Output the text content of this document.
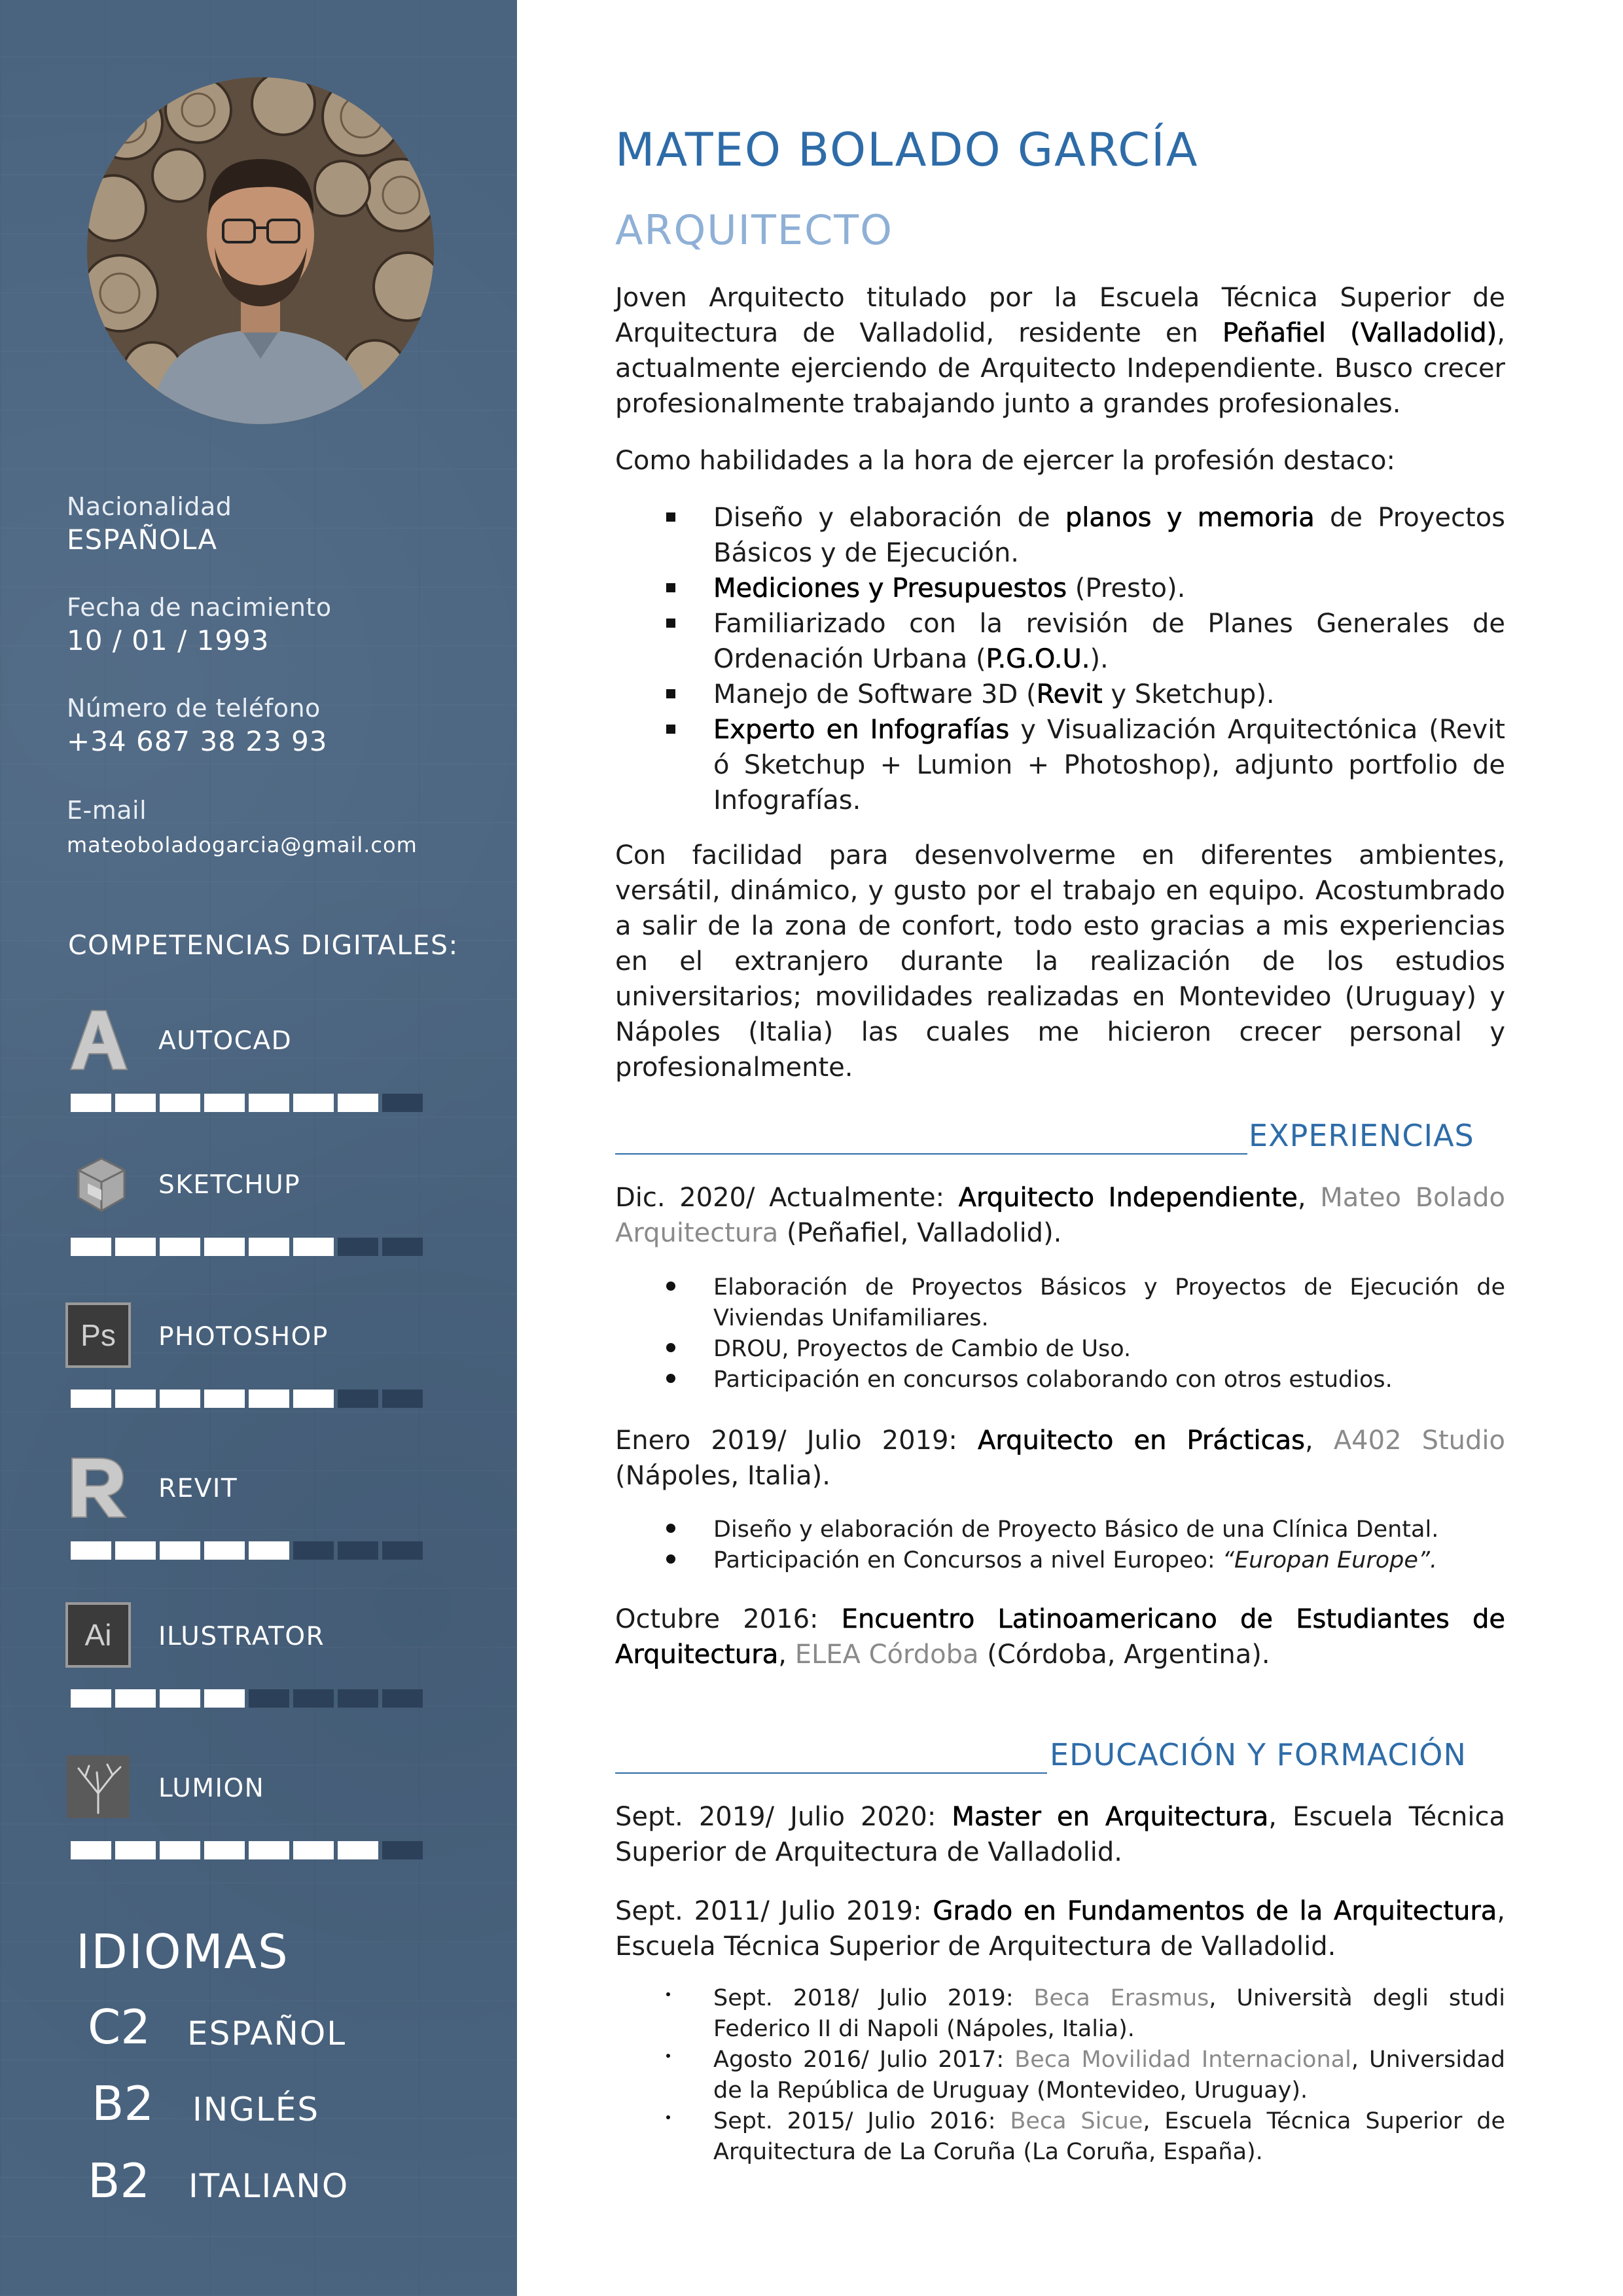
Nacionalidad
ESPAÑOLA
Fecha de nacimiento
10 / 01 / 1993
Número de teléfono
+34 687 38 23 93
E-mail
mateoboladogarcia@gmail.com
COMPETENCIAS DIGITALES:
AUTOCAD
SKETCHUP
Ps PHOTOSHOP
REVIT
Ai ILUSTRATOR
LUMION
IDIOMAS
C2 ESPAÑOL
B2 INGLÉS
B2 ITALIANO
MATEO BOLADO GARCÍA
ARQUITECTO
Joven Arquitecto titulado por la Escuela Técnica Superior de Arquitectura de Valladolid, residente en Peñafiel (Valladolid), actualmente ejerciendo de Arquitecto Independiente. Busco crecer profesionalmente trabajando junto a grandes profesionales.
Como habilidades a la hora de ejercer la profesión destaco:
Diseño y elaboración de planos y memoria de Proyectos Básicos y de Ejecución.
Mediciones y Presupuestos (Presto).
Familiarizado con la revisión de Planes Generales de Ordenación Urbana (P.G.O.U.).
Manejo de Software 3D (Revit y Sketchup).
Experto en Infografías y Visualización Arquitectónica (Revit ó Sketchup + Lumion + Photoshop), adjunto portfolio de Infografías.
Con facilidad para desenvolverme en diferentes ambientes, versátil, dinámico, y gusto por el trabajo en equipo. Acostumbrado a salir de la zona de confort, todo esto gracias a mis experiencias en el extranjero durante la realización de los estudios universitarios; movilidades realizadas en Montevideo (Uruguay) y Nápoles (Italia) las cuales me hicieron crecer personal y profesionalmente.
EXPERIENCIAS
Dic. 2020/ Actualmente: Arquitecto Independiente, Mateo Bolado Arquitectura (Peñafiel, Valladolid).
Elaboración de Proyectos Básicos y Proyectos de Ejecución de Viviendas Unifamiliares.
DROU, Proyectos de Cambio de Uso.
Participación en concursos colaborando con otros estudios.
Enero 2019/ Julio 2019: Arquitecto en Prácticas, A402 Studio (Nápoles, Italia).
Diseño y elaboración de Proyecto Básico de una Clínica Dental.
Participación en Concursos a nivel Europeo: “Europan Europe”.
Octubre 2016: Encuentro Latinoamericano de Estudiantes de Arquitectura, ELEA Córdoba (Córdoba, Argentina).
EDUCACIÓN Y FORMACIÓN
Sept. 2019/ Julio 2020: Master en Arquitectura, Escuela Técnica Superior de Arquitectura de Valladolid.
Sept. 2011/ Julio 2019: Grado en Fundamentos de la Arquitectura, Escuela Técnica Superior de Arquitectura de Valladolid.
Sept. 2018/ Julio 2019: Beca Erasmus, Università degli studi Federico II di Napoli (Nápoles, Italia).
Agosto 2016/ Julio 2017: Beca Movilidad Internacional, Universidad de la República de Uruguay (Montevideo, Uruguay).
Sept. 2015/ Julio 2016: Beca Sicue, Escuela Técnica Superior de Arquitectura de La Coruña (La Coruña, España).
